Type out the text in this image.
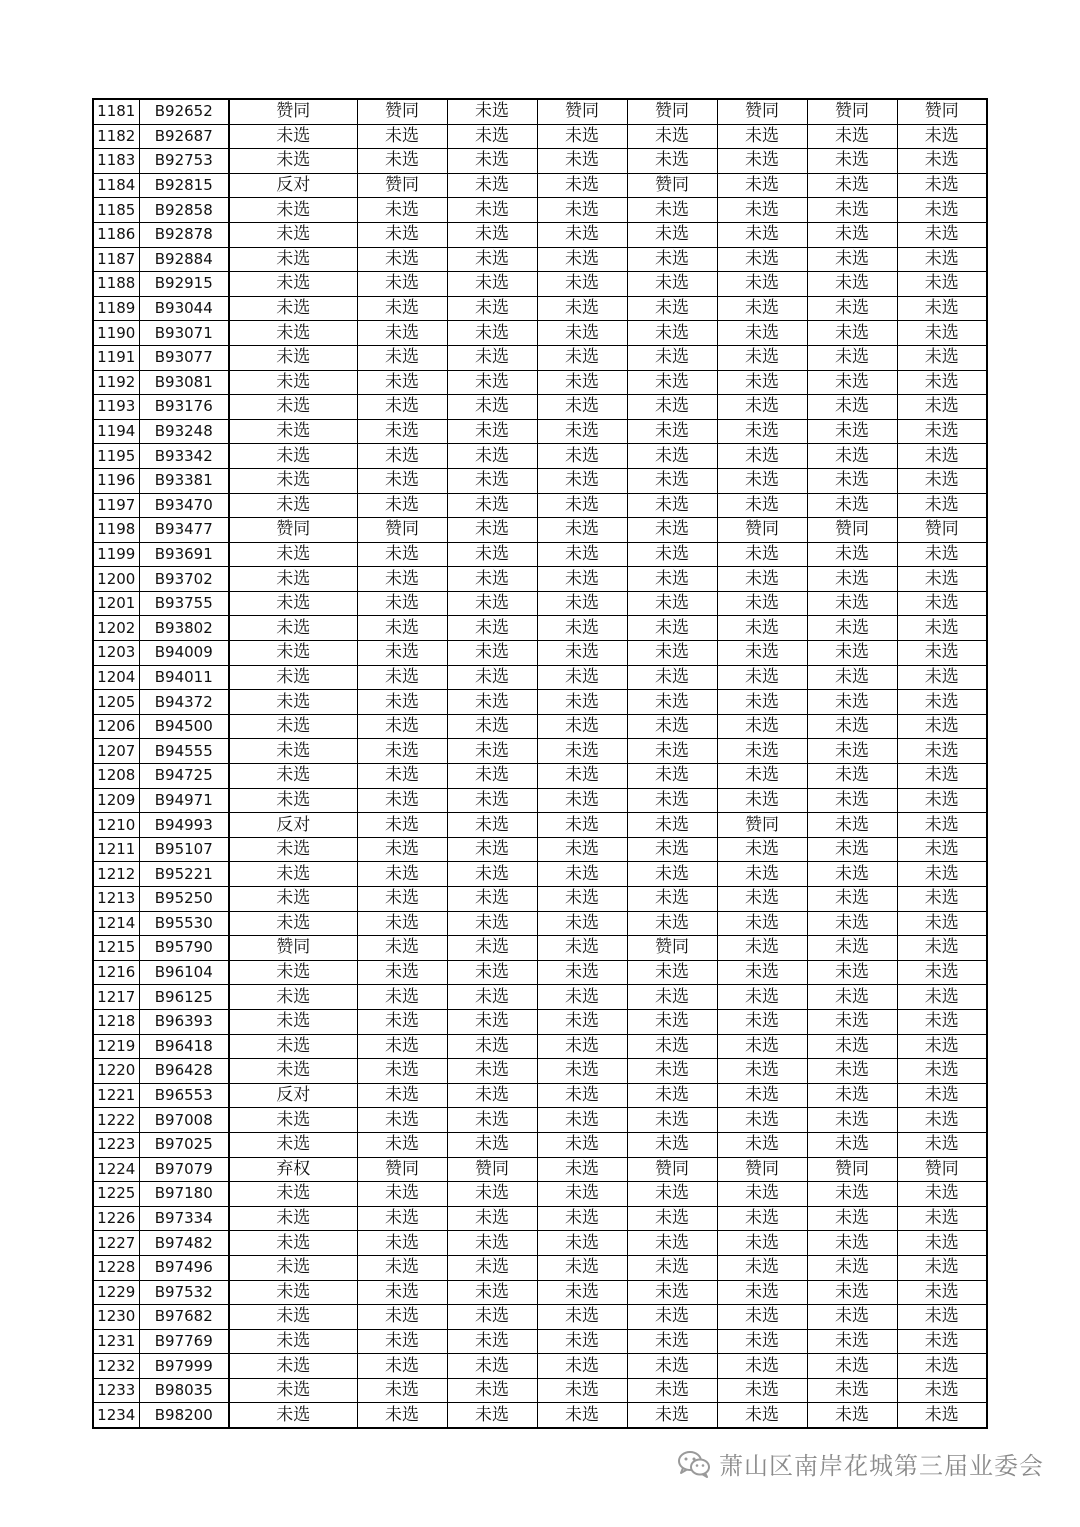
1181	B92652	赞同	赞同	未选	赞同	赞同	赞同	赞同	赞同
1182	B92687	未选	未选	未选	未选	未选	未选	未选	未选
1183	B92753	未选	未选	未选	未选	未选	未选	未选	未选
1184	B92815	反对	赞同	未选	未选	赞同	未选	未选	未选
1185	B92858	未选	未选	未选	未选	未选	未选	未选	未选
1186	B92878	未选	未选	未选	未选	未选	未选	未选	未选
1187	B92884	未选	未选	未选	未选	未选	未选	未选	未选
1188	B92915	未选	未选	未选	未选	未选	未选	未选	未选
1189	B93044	未选	未选	未选	未选	未选	未选	未选	未选
1190	B93071	未选	未选	未选	未选	未选	未选	未选	未选
1191	B93077	未选	未选	未选	未选	未选	未选	未选	未选
1192	B93081	未选	未选	未选	未选	未选	未选	未选	未选
1193	B93176	未选	未选	未选	未选	未选	未选	未选	未选
1194	B93248	未选	未选	未选	未选	未选	未选	未选	未选
1195	B93342	未选	未选	未选	未选	未选	未选	未选	未选
1196	B93381	未选	未选	未选	未选	未选	未选	未选	未选
1197	B93470	未选	未选	未选	未选	未选	未选	未选	未选
1198	B93477	赞同	赞同	未选	未选	未选	赞同	赞同	赞同
1199	B93691	未选	未选	未选	未选	未选	未选	未选	未选
1200	B93702	未选	未选	未选	未选	未选	未选	未选	未选
1201	B93755	未选	未选	未选	未选	未选	未选	未选	未选
1202	B93802	未选	未选	未选	未选	未选	未选	未选	未选
1203	B94009	未选	未选	未选	未选	未选	未选	未选	未选
1204	B94011	未选	未选	未选	未选	未选	未选	未选	未选
1205	B94372	未选	未选	未选	未选	未选	未选	未选	未选
1206	B94500	未选	未选	未选	未选	未选	未选	未选	未选
1207	B94555	未选	未选	未选	未选	未选	未选	未选	未选
1208	B94725	未选	未选	未选	未选	未选	未选	未选	未选
1209	B94971	未选	未选	未选	未选	未选	未选	未选	未选
1210	B94993	反对	未选	未选	未选	未选	赞同	未选	未选
1211	B95107	未选	未选	未选	未选	未选	未选	未选	未选
1212	B95221	未选	未选	未选	未选	未选	未选	未选	未选
1213	B95250	未选	未选	未选	未选	未选	未选	未选	未选
1214	B95530	未选	未选	未选	未选	未选	未选	未选	未选
1215	B95790	赞同	未选	未选	未选	赞同	未选	未选	未选
1216	B96104	未选	未选	未选	未选	未选	未选	未选	未选
1217	B96125	未选	未选	未选	未选	未选	未选	未选	未选
1218	B96393	未选	未选	未选	未选	未选	未选	未选	未选
1219	B96418	未选	未选	未选	未选	未选	未选	未选	未选
1220	B96428	未选	未选	未选	未选	未选	未选	未选	未选
1221	B96553	反对	未选	未选	未选	未选	未选	未选	未选
1222	B97008	未选	未选	未选	未选	未选	未选	未选	未选
1223	B97025	未选	未选	未选	未选	未选	未选	未选	未选
1224	B97079	弃权	赞同	赞同	未选	赞同	赞同	赞同	赞同
1225	B97180	未选	未选	未选	未选	未选	未选	未选	未选
1226	B97334	未选	未选	未选	未选	未选	未选	未选	未选
1227	B97482	未选	未选	未选	未选	未选	未选	未选	未选
1228	B97496	未选	未选	未选	未选	未选	未选	未选	未选
1229	B97532	未选	未选	未选	未选	未选	未选	未选	未选
1230	B97682	未选	未选	未选	未选	未选	未选	未选	未选
1231	B97769	未选	未选	未选	未选	未选	未选	未选	未选
1232	B97999	未选	未选	未选	未选	未选	未选	未选	未选
1233	B98035	未选	未选	未选	未选	未选	未选	未选	未选
1234	B98200	未选	未选	未选	未选	未选	未选	未选	未选
萧山区南岸花城第三届业委会
